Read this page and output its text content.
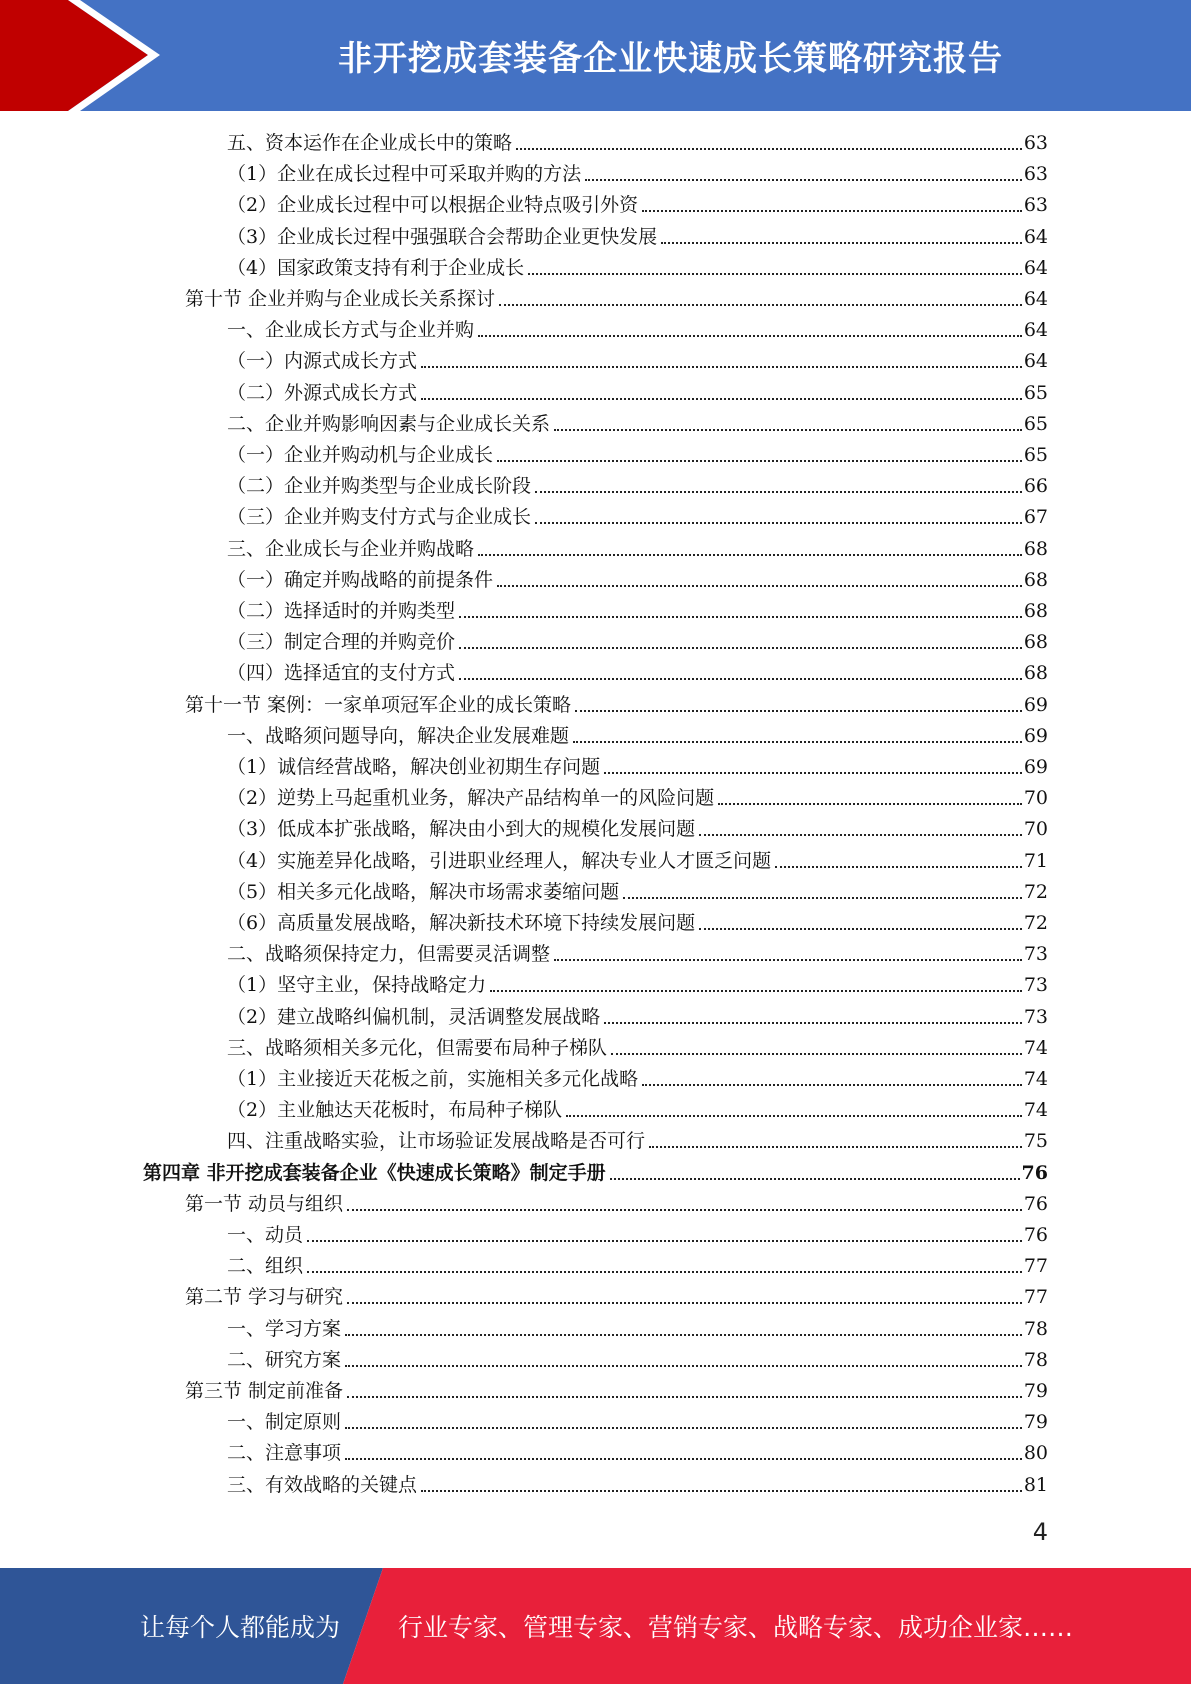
非开挖成套装备企业快速成长策略研究报告
五、资本运作在企业成长中的策略	63
（1）企业在成长过程中可采取并购的方法	63
（2）企业成长过程中可以根据企业特点吸引外资	63
（3）企业成长过程中强强联合会帮助企业更快发展	64
（4）国家政策支持有利于企业成长	64
第十节 企业并购与企业成长关系探讨	64
一、企业成长方式与企业并购	64
（一）内源式成长方式	64
（二）外源式成长方式	65
二、企业并购影响因素与企业成长关系	65
（一）企业并购动机与企业成长	65
（二）企业并购类型与企业成长阶段	66
（三）企业并购支付方式与企业成长	67
三、企业成长与企业并购战略	68
（一）确定并购战略的前提条件	68
（二）选择适时的并购类型	68
（三）制定合理的并购竞价	68
（四）选择适宜的支付方式	68
第十一节 案例：一家单项冠军企业的成长策略	69
一、战略须问题导向，解决企业发展难题	69
（1）诚信经营战略，解决创业初期生存问题	69
（2）逆势上马起重机业务，解决产品结构单一的风险问题	70
（3）低成本扩张战略，解决由小到大的规模化发展问题	70
（4）实施差异化战略，引进职业经理人，解决专业人才匮乏问题	71
（5）相关多元化战略，解决市场需求萎缩问题	72
（6）高质量发展战略，解决新技术环境下持续发展问题	72
二、战略须保持定力，但需要灵活调整	73
（1）坚守主业，保持战略定力	73
（2）建立战略纠偏机制，灵活调整发展战略	73
三、战略须相关多元化，但需要布局种子梯队	74
（1）主业接近天花板之前，实施相关多元化战略	74
（2）主业触达天花板时，布局种子梯队	74
四、注重战略实验，让市场验证发展战略是否可行	75
第四章 非开挖成套装备企业《快速成长策略》制定手册	76
第一节 动员与组织	76
一、动员	76
二、组织	77
第二节 学习与研究	77
一、学习方案	78
二、研究方案	78
第三节 制定前准备	79
一、制定原则	79
二、注意事项	80
三、有效战略的关键点	81
4
让每个人都能成为 行业专家、管理专家、营销专家、战略专家、成功企业家……
